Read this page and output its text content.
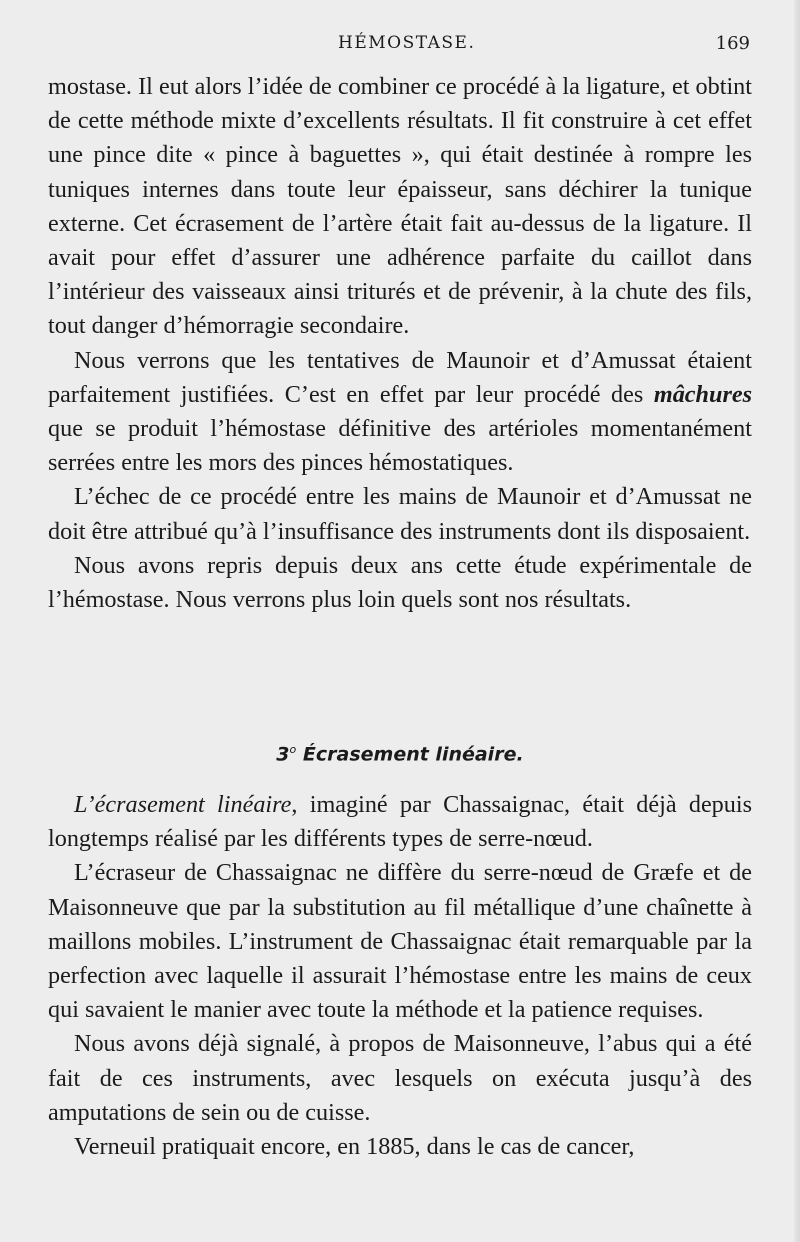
HÉMOSTASE.	169

mostase. Il eut alors l’idée de combiner ce procédé à la ligature, et obtint de cette méthode mixte d’excellents résultats. Il fit construire à cet effet une pince dite « pince à baguettes », qui était destinée à rompre les tuniques internes dans toute leur épaisseur, sans déchirer la tunique externe. Cet écrasement de l’artère était fait au-dessus de la ligature. Il avait pour effet d’assurer une adhérence parfaite du caillot dans l’intérieur des vaisseaux ainsi triturés et de prévenir, à la chute des fils, tout danger d’hémorragie secondaire.

Nous verrons que les tentatives de Maunoir et d’Amussat étaient parfaitement justifiées. C’est en effet par leur procédé des mâchures que se produit l’hémostase définitive des artérioles momentanément serrées entre les mors des pinces hémostatiques.

L’échec de ce procédé entre les mains de Maunoir et d’Amussat ne doit être attribué qu’à l’insuffisance des instruments dont ils disposaient.

Nous avons repris depuis deux ans cette étude expérimentale de l’hémostase. Nous verrons plus loin quels sont nos résultats.

3$^o$ Écrasement linéaire.

L’écrasement linéaire, imaginé par Chassaignac, était déjà depuis longtemps réalisé par les différents types de serre-nœud.

L’écraseur de Chassaignac ne diffère du serre-nœud de Græfe et de Maisonneuve que par la substitution au fil métallique d’une chaînette à maillons mobiles. L’instrument de Chassaignac était remarquable par la perfection avec laquelle il assurait l’hémostase entre les mains de ceux qui savaient le manier avec toute la méthode et la patience requises.

Nous avons déjà signalé, à propos de Maisonneuve, l’abus qui a été fait de ces instruments, avec lesquels on exécuta jusqu’à des amputations de sein ou de cuisse.

Verneuil pratiquait encore, en 1885, dans le cas de cancer,
